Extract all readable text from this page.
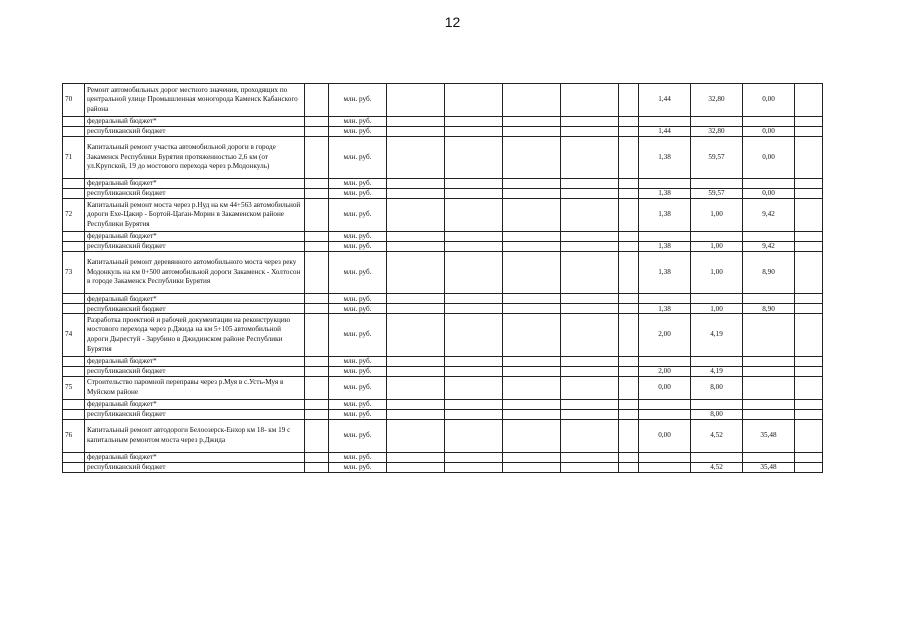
12
70	Ремонт автомобильных дорог местного значения, проходящих по центральной улице Промышленная моногорода Каменск Кабанского района		млн. руб.						1,44	32,80	0,00	
	федеральный бюджет*		млн. руб.									
	республиканский бюджет		млн. руб.						1,44	32,80	0,00	
71	Капитальный ремонт участка автомобильной дороги в городе Закаменск Республики Бурятия протяженностью 2,6 км (от ул.Крупской, 19 до мостового перехода через р.Модонкуль)		млн. руб.						1,38	59,57	0,00	
	федеральный бюджет*		млн. руб.									
	республиканский бюджет		млн. руб.						1,38	59,57	0,00	
72	Капитальный ремонт моста через р.Нуд на км 44+563 автомобильной дороги Ехе-Цакир - Бортой-Цаган-Морин в Закаменском районе Республики Бурятия		млн. руб.						1,38	1,00	9,42	
	федеральный бюджет*		млн. руб.									
	республиканский бюджет		млн. руб.						1,38	1,00	9,42	
73	Капитальный ремонт деревянного автомобильного моста через реку Модонкуль на км 0+500 автомобильной дороги Закаменск - Холтосон в городе Закаменск Республики Бурятия		млн. руб.						1,38	1,00	8,90	
	федеральный бюджет*		млн. руб.									
	республиканский бюджет		млн. руб.						1,38	1,00	8,90	
74	Разработка проектной и рабочей документации на реконструкцию мостового перехода через р.Джида на км 5+105 автомобильной дороги Дырестуй - Зарубино в Джидинском районе Республики Бурятия		млн. руб.						2,00	4,19		
	федеральный бюджет*		млн. руб.									
	республиканский бюджет		млн. руб.						2,00	4,19		
75	Строительство паромной переправы через р.Муя в с.Усть-Муя в Муйском районе		млн. руб.						0,00	8,00		
	федеральный бюджет*		млн. руб.									
	республиканский бюджет		млн. руб.							8,00		
76	Капитальный ремонт автодороги Белоозерск-Енхор км 18- км 19 с капитальным ремонтом моста через р.Джида		млн. руб.						0,00	4,52	35,48	
	федеральный бюджет*		млн. руб.									
	республиканский бюджет		млн. руб.							4,52	35,48	
